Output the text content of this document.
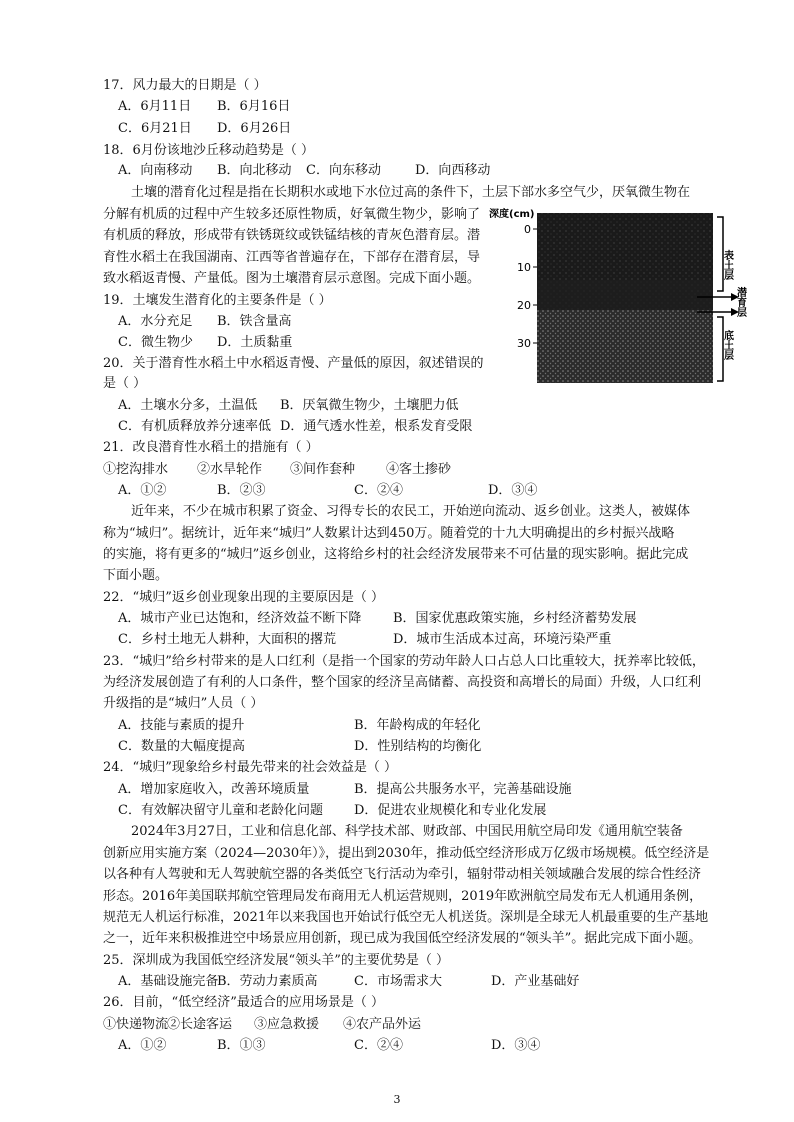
17．风力最大的日期是（ ）
A．6月11日 B．6月16日
C．6月21日 D．6月26日
18．6月份该地沙丘移动趋势是（ ）
A．向南移动 B．向北移动 C．向东移动	D．向西移动
土壤的潜育化过程是指在长期积水或地下水位过高的条件下，土层下部水多空气少，厌氧微生物在
分解有机质的过程中产生较多还原性物质，好氧微生物少，影响了
有机质的释放，形成带有铁锈斑纹或铁锰结核的青灰色潜育层。潜
育性水稻土在我国湖南、江西等省普遍存在，下部存在潜育层，导
致水稻返青慢、产量低。图为土壤潜育层示意图。完成下面小题。
深度(cm)
0
10
20
30
表土层
潜育层
底土层
19．土壤发生潜育化的主要条件是（ ）
A．水分充足 B．铁含量高
C．微生物少 D．土质黏重
20．关于潜育性水稻土中水稻返青慢、产量低的原因，叙述错误的
是（ ）
A．土壤水分多，土温低 B．厌氧微生物少，土壤肥力低
C．有机质释放养分速率低 D．通气透水性差，根系发育受限
21．改良潜育性水稻土的措施有（ ）
①挖沟排水 ②水旱轮作 ③间作套种 ④客土掺砂
A．①②	B．②③	C．②④	D．③④
近年来，不少在城市积累了资金、习得专长的农民工，开始逆向流动、返乡创业。这类人，被媒体
称为“城归”。据统计，近年来“城归”人数累计达到450万。随着党的十九大明确提出的乡村振兴战略
的实施，将有更多的“城归”返乡创业，这将给乡村的社会经济发展带来不可估量的现实影响。据此完成
下面小题。
22．“城归”返乡创业现象出现的主要原因是（ ）
A．城市产业已达饱和，经济效益不断下降 B．国家优惠政策实施，乡村经济蓄势发展
C．乡村土地无人耕种，大面积的撂荒	D．城市生活成本过高，环境污染严重
23．“城归”给乡村带来的是人口红利（是指一个国家的劳动年龄人口占总人口比重较大，抚养率比较低，
为经济发展创造了有利的人口条件，整个国家的经济呈高储蓄、高投资和高增长的局面）升级，人口红利
升级指的是“城归”人员（ ）
A．技能与素质的提升	B．年龄构成的年轻化
C．数量的大幅度提高	D．性别结构的均衡化
24．“城归”现象给乡村最先带来的社会效益是（ ）
A．增加家庭收入，改善环境质量	B．提高公共服务水平，完善基础设施
C．有效解决留守儿童和老龄化问题 D．促进农业规模化和专业化发展
2024年3月27日，工业和信息化部、科学技术部、财政部、中国民用航空局印发《通用航空装备
创新应用实施方案（2024—2030年）》，提出到2030年，推动低空经济形成万亿级市场规模。低空经济是
以各种有人驾驶和无人驾驶航空器的各类低空飞行活动为牵引，辐射带动相关领域融合发展的综合性经济
形态。2016年美国联邦航空管理局发布商用无人机运营规则，2019年欧洲航空局发布无人机通用条例，
规范无人机运行标准，2021年以来我国也开始试行低空无人机送货。深圳是全球无人机最重要的生产基地
之一，近年来积极推进空中场景应用创新，现已成为我国低空经济发展的“领头羊”。据此完成下面小题。
25．深圳成为我国低空经济发展“领头羊”的主要优势是（ ）
A．基础设施完备
B．劳动力素质高	C．市场需求大	D．产业基础好
26．目前，“低空经济”最适合的应用场景是（ ）
①快递物流
②长途客运 ③应急救援 ④农产品外运
A．①②	B．①③	C．②④	D．③④
3
